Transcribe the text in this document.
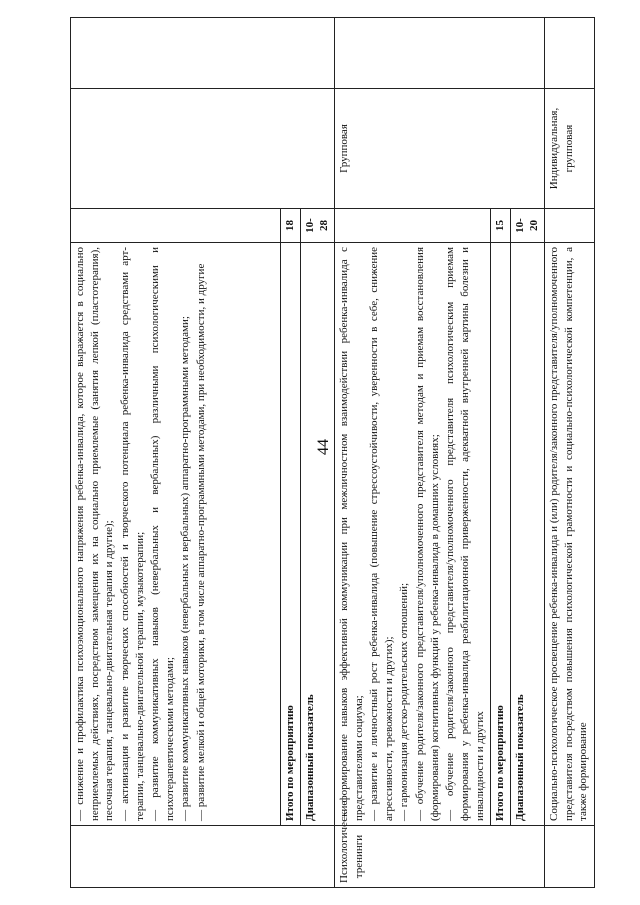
44

	— снижение и профилактика психоэмоционального напряжения ребенка-инвалида, которое выражается в социально неприемлемых действиях, посредством замещения их на социально приемлемые (занятия лепкой (пластотерапия), песочная терапия, танцевально-двигательная терапия и другие); — активизация и развитие творческих способностей и творческого потенциала ребенка-инвалида средствами арт-терапии, танцевально-двигательной терапии, музыкотерапии; — развитие коммуникативных навыков (невербальных и вербальных) различными психологическими и психотерапевтическими методами; — развитие коммуникативных навыков (невербальных и вербальных) аппаратно-программными методами; — развитие мелкой и общей моторики, в том числе аппаратно-программными методами, при необходимости, и другие			

	Итого по мероприятию	18		
	Диапазонный показатель	10-28		
Психологические тренинги	— формирование навыков эффективной коммуникации при межличностном взаимодействии ребенка-инвалида с представителями социума; — развитие и личностный рост ребенка-инвалида (повышение стрессоустойчивости, уверенности в себе, снижение агрессивности, тревожности и других); — гармонизация детско-родительских отношений; — обучение родителя/законного представителя/уполномоченного представителя методам и приемам восстановления (формирования) когнитивных функций у ребенка-инвалида в домашних условиях; — обучение родителя/законного представителя/уполномоченного представителя психологическим приемам формирования у ребенка-инвалида реабилитационной приверженности, адекватной внутренней картины болезни и инвалидности и других		Групповая	
	Итого по мероприятию	15		
	Диапазонный показатель	10-20		

	Социально-психологическое просвещение ребенка-инвалида и (или) родителя/законного представителя/уполномоченного представителя посредством повышения психологической грамотности и социально-психологической компетенции, а также формирование		Индивидуальная, групповая	
